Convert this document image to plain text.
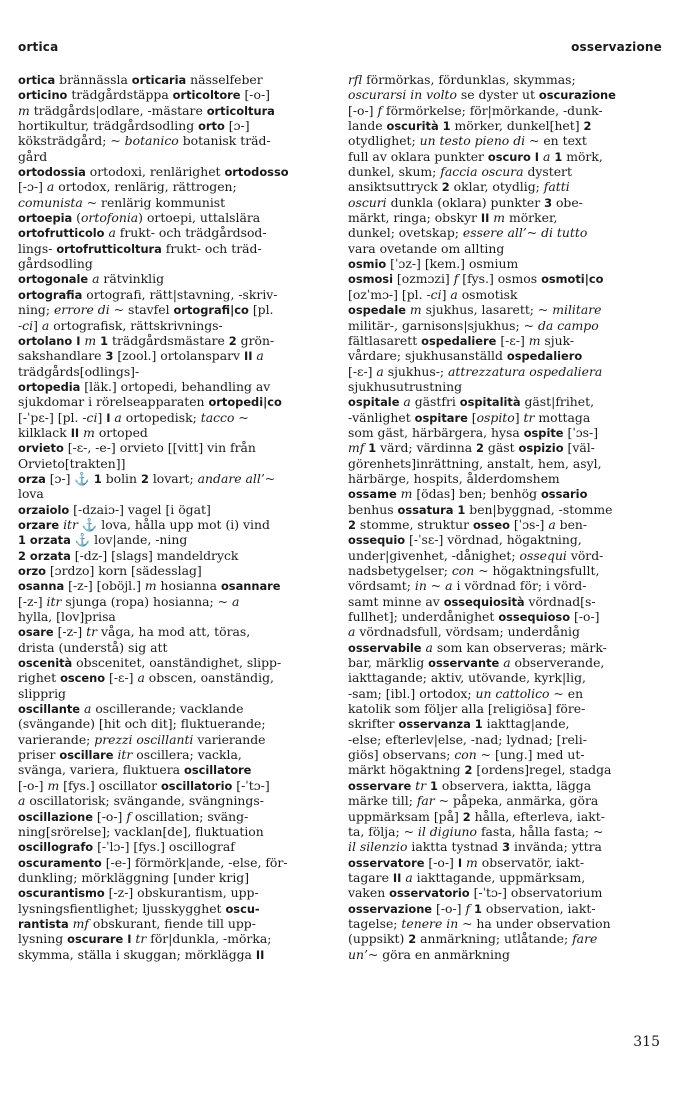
ortica	osservazione
ortica brännässla orticaria nässelfeber
orticino trädgårdstäppa orticoltore [-o-]
m trädgårds|odlare, -mästare orticoltura
hortikultur, trädgårdsodling orto [ɔ-]
köksträdgård; ~ botanico botanisk träd-
gård
ortodossia ortodoxi, renlärighet ortodosso
[-ɔ-] a ortodox, renlärig, rättrogen;
comunista ~ renlärig kommunist
ortoepia (ortofonia) ortoepi, uttalslära
ortofrutticolo a frukt- och trädgårdsod-
lings- ortofrutticoltura frukt- och träd-
gårdsodling
ortogonale a rätvinklig
ortografia ortografi, rätt|stavning, -skriv-
ning; errore di ~ stavfel ortografi|co [pl.
-ci] a ortografisk, rättskrivnings-
ortolano I m 1 trädgårdsmästare 2 grön-
sakshandlare 3 [zool.] ortolansparv II a
trädgårds[odlings]-
ortopedia [läk.] ortopedi, behandling av
sjukdomar i rörelseapparaten ortopedi|co
[-ˈpɛ-] [pl. -ci] I a ortopedisk; tacco ~
kilklack II m ortoped
orvieto [-ɛ-, -e-] orvieto [[vitt] vin från
Orvieto[trakten]]
orza [ɔ-] ⚓ 1 bolin 2 lovart; andare all’~
lova
orzaiolo [-dzaiɔ-] vagel [i ögat]
orzare itr ⚓ lova, hålla upp mot (i) vind
1 orzata ⚓ lov|ande, -ning
2 orzata [-dz-] [slags] mandeldryck
orzo [ɔrdzo] korn [sädesslag]
osanna [-z-] [oböjl.] m hosianna osannare
[-z-] itr sjunga (ropa) hosianna; ~ a
hylla, [lov]prisa
osare [-z-] tr våga, ha mod att, töras,
drista (understå) sig att
oscenità obscenitet, oanständighet, slipp-
righet osceno [-ɛ-] a obscen, oanständig,
slipprig
oscillante a oscillerande; vacklande
(svängande) [hit och dit]; fluktuerande;
varierande; prezzi oscillanti varierande
priser oscillare itr oscillera; vackla,
svänga, variera, fluktuera oscillatore
[-o-] m [fys.] oscillator oscillatorio [-ˈtɔ-]
a oscillatorisk; svängande, svängnings-
oscillazione [-o-] f oscillation; sväng-
ning[srörelse]; vacklan[de], fluktuation
oscillografo [-ˈlɔ-] [fys.] oscillograf
oscuramento [-e-] förmörk|ande, -else, för-
dunkling; mörkläggning [under krig]
oscurantismo [-z-] obskurantism, upp-
lysningsfientlighet; ljusskygghet oscu-
rantista mf obskurant, fiende till upp-
lysning oscurare I tr för|dunkla, -mörka;
skymma, ställa i skuggan; mörklägga II
rfl förmörkas, fördunklas, skymmas;
oscurarsi in volto se dyster ut oscurazione
[-o-] f förmörkelse; för|mörkande, -dunk-
lande oscurità 1 mörker, dunkel[het] 2
otydlighet; un testo pieno di ~ en text
full av oklara punkter oscuro I a 1 mörk,
dunkel, skum; faccia oscura dystert
ansiktsuttryck 2 oklar, otydlig; fatti
oscuri dunkla (oklara) punkter 3 obe-
märkt, ringa; obskyr II m mörker,
dunkel; ovetskap; essere all’~ di tutto
vara ovetande om allting
osmio [ˈɔz-] [kem.] osmium
osmosi [ozmɔzi] f [fys.] osmos osmoti|co
[ozˈmɔ-] [pl. -ci] a osmotisk
ospedale m sjukhus, lasarett; ~ militare
militär-, garnisons|sjukhus; ~ da campo
fältlasarett ospedaliere [-ɛ-] m sjuk-
vårdare; sjukhusanställd ospedaliero
[-ɛ-] a sjukhus-; attrezzatura ospedaliera
sjukhusutrustning
ospitale a gästfri ospitalità gäst|frihet,
-vänlighet ospitare [ospito] tr mottaga
som gäst, härbärgera, hysa ospite [ˈɔs-]
mf 1 värd; värdinna 2 gäst ospizio [väl-
görenhets]inrättning, anstalt, hem, asyl,
härbärge, hospits, ålderdomshem
ossame m [ödas] ben; benhög ossario
benhus ossatura 1 ben|byggnad, -stomme
2 stomme, struktur osseo [ˈɔs-] a ben-
ossequio [-ˈsɛ-] vördnad, högaktning,
under|givenhet, -dånighet; ossequi vörd-
nadsbetygelser; con ~ högaktningsfullt,
vördsamt; in ~ a i vördnad för; i vörd-
samt minne av ossequiosità vördnad[s-
fullhet]; underdånighet ossequioso [-o-]
a vördnadsfull, vördsam; underdånig
osservabile a som kan observeras; märk-
bar, märklig osservante a observerande,
iakttagande; aktiv, utövande, kyrk|lig,
-sam; [ibl.] ortodox; un cattolico ~ en
katolik som följer alla [religiösa] före-
skrifter osservanza 1 iakttag|ande,
-else; efterlev|else, -nad; lydnad; [reli-
giös] observans; con ~ [ung.] med ut-
märkt högaktning 2 [ordens]regel, stadga
osservare tr 1 observera, iaktta, lägga
märke till; far ~ påpeka, anmärka, göra
uppmärksam [på] 2 hålla, efterleva, iakt-
ta, följa; ~ il digiuno fasta, hålla fasta; ~
il silenzio iaktta tystnad 3 invända; yttra
osservatore [-o-] I m observatör, iakt-
tagare II a iakttagande, uppmärksam,
vaken osservatorio [-ˈtɔ-] observatorium
osservazione [-o-] f 1 observation, iakt-
tagelse; tenere in ~ ha under observation
(uppsikt) 2 anmärkning; utlåtande; fare
un’~ göra en anmärkning
315
